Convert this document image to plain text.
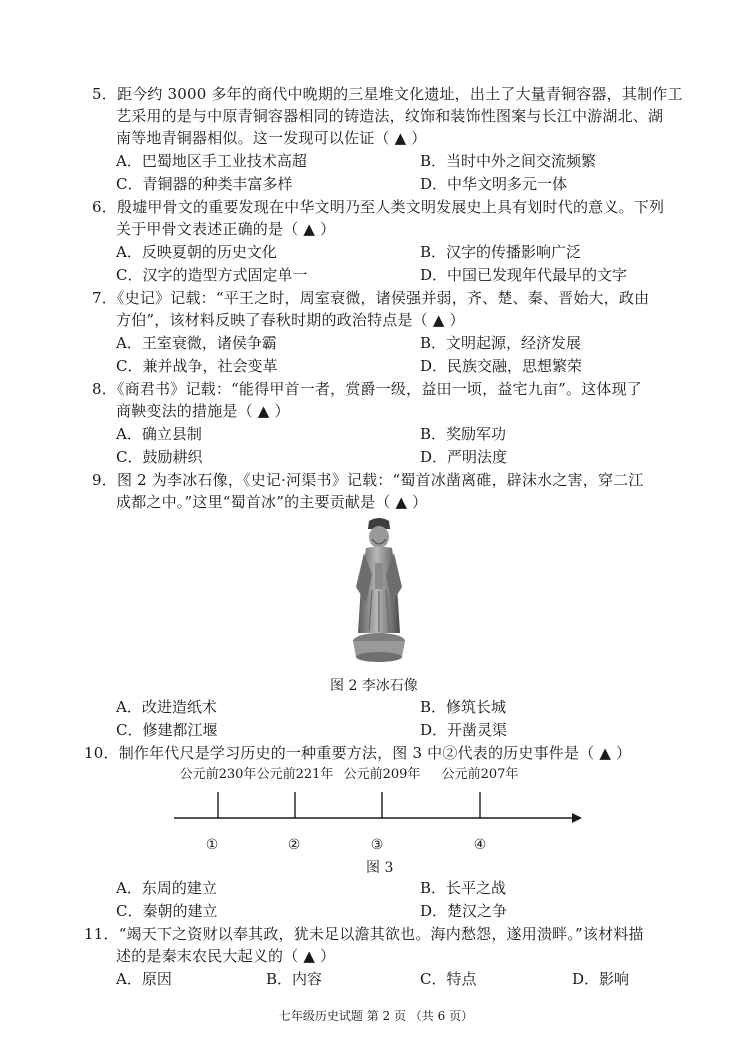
5．距今约 3000 多年的商代中晚期的三星堆文化遗址，出土了大量青铜容器，其制作工
艺采用的是与中原青铜容器相同的铸造法，纹饰和装饰性图案与长江中游湖北、湖
南等地青铜器相似。这一发现可以佐证（ ▲ ）
A．巴蜀地区手工业技术高超	B．当时中外之间交流频繁
C．青铜器的种类丰富多样	D．中华文明多元一体
6．殷墟甲骨文的重要发现在中华文明乃至人类文明发展史上具有划时代的意义。下列
关于甲骨文表述正确的是（ ▲ ）
A．反映夏朝的历史文化	B．汉字的传播影响广泛
C．汉字的造型方式固定单一	D．中国已发现年代最早的文字
7．《史记》记载：“平王之时，周室衰微，诸侯强并弱，齐、楚、秦、晋始大，政由
方伯”，该材料反映了春秋时期的政治特点是（ ▲ ）
A．王室衰微，诸侯争霸	B．文明起源，经济发展
C．兼并战争，社会变革	D．民族交融，思想繁荣
8．《商君书》记载：“能得甲首一者，赏爵一级，益田一顷，益宅九亩”。这体现了
商鞅变法的措施是（ ▲ ）
A．确立县制	B．奖励军功
C．鼓励耕织	D．严明法度
9．图 2 为李冰石像，《史记·河渠书》记载：“蜀首冰凿离碓，辟沫水之害，穿二江
成都之中。”这里“蜀首冰”的主要贡献是（ ▲ ）
图 2 李冰石像
A．改进造纸术	B．修筑长城
C．修建都江堰	D．开凿灵渠
10．制作年代尺是学习历史的一种重要方法，图 3 中②代表的历史事件是（ ▲ ）
公元前230年 公元前221年 公元前209年 公元前207年
①	②	③	④
图 3
A．东周的建立	B．长平之战
C．秦朝的建立	D．楚汉之争
11．“竭天下之资财以奉其政，犹未足以澹其欲也。海内愁怨，遂用溃畔。”该材料描
述的是秦末农民大起义的（ ▲ ）
A．原因	B．内容	C．特点	D．影响
七年级历史试题 第 2 页 （共 6 页）
